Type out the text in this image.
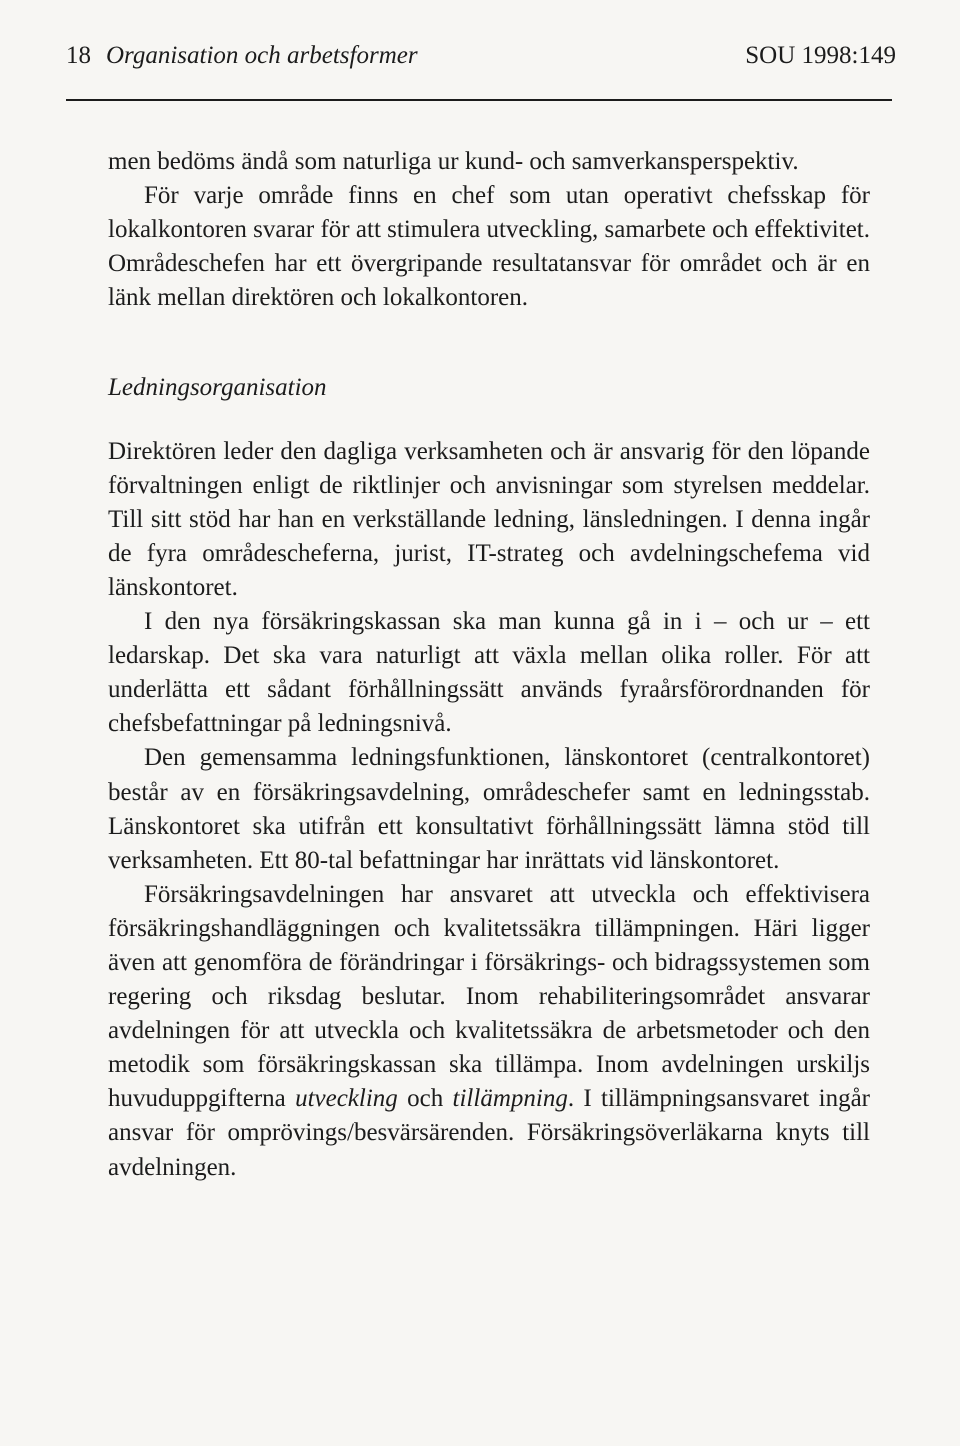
18 Organisation och arbetsformer	SOU 1998:149

men bedöms ändå som naturliga ur kund- och samverkansperspektiv.

För varje område finns en chef som utan operativt chefsskap för lokalkontoren svarar för att stimulera utveckling, samarbete och effektivitet. Områdeschefen har ett övergripande resultatansvar för området och är en länk mellan direktören och lokalkontoren.

Ledningsorganisation

Direktören leder den dagliga verksamheten och är ansvarig för den löpande förvaltningen enligt de riktlinjer och anvisningar som styrelsen meddelar. Till sitt stöd har han en verkställande ledning, länsledningen. I denna ingår de fyra områdescheferna, jurist, IT-strateg och avdelningschefema vid länskontoret.

I den nya försäkringskassan ska man kunna gå in i – och ur – ett ledarskap. Det ska vara naturligt att växla mellan olika roller. För att underlätta ett sådant förhållningssätt används fyraårsförordnanden för chefsbefattningar på ledningsnivå.

Den gemensamma ledningsfunktionen, länskontoret (centralkontoret) består av en försäkringsavdelning, områdeschefer samt en ledningsstab. Länskontoret ska utifrån ett konsultativt förhållningssätt lämna stöd till verksamheten. Ett 80-tal befattningar har inrättats vid länskontoret.

Försäkringsavdelningen har ansvaret att utveckla och effektivisera försäkringshandläggningen och kvalitetssäkra tillämpningen. Häri ligger även att genomföra de förändringar i försäkrings- och bidragssystemen som regering och riksdag beslutar. Inom rehabiliteringsområdet ansvarar avdelningen för att utveckla och kvalitetssäkra de arbetsmetoder och den metodik som försäkringskassan ska tillämpa. Inom avdelningen urskiljs huvuduppgifterna utveckling och tillämpning. I tillämpningsansvaret ingår ansvar för omprövings/besvärsärenden. Försäkringsöverläkarna knyts till avdelningen.
